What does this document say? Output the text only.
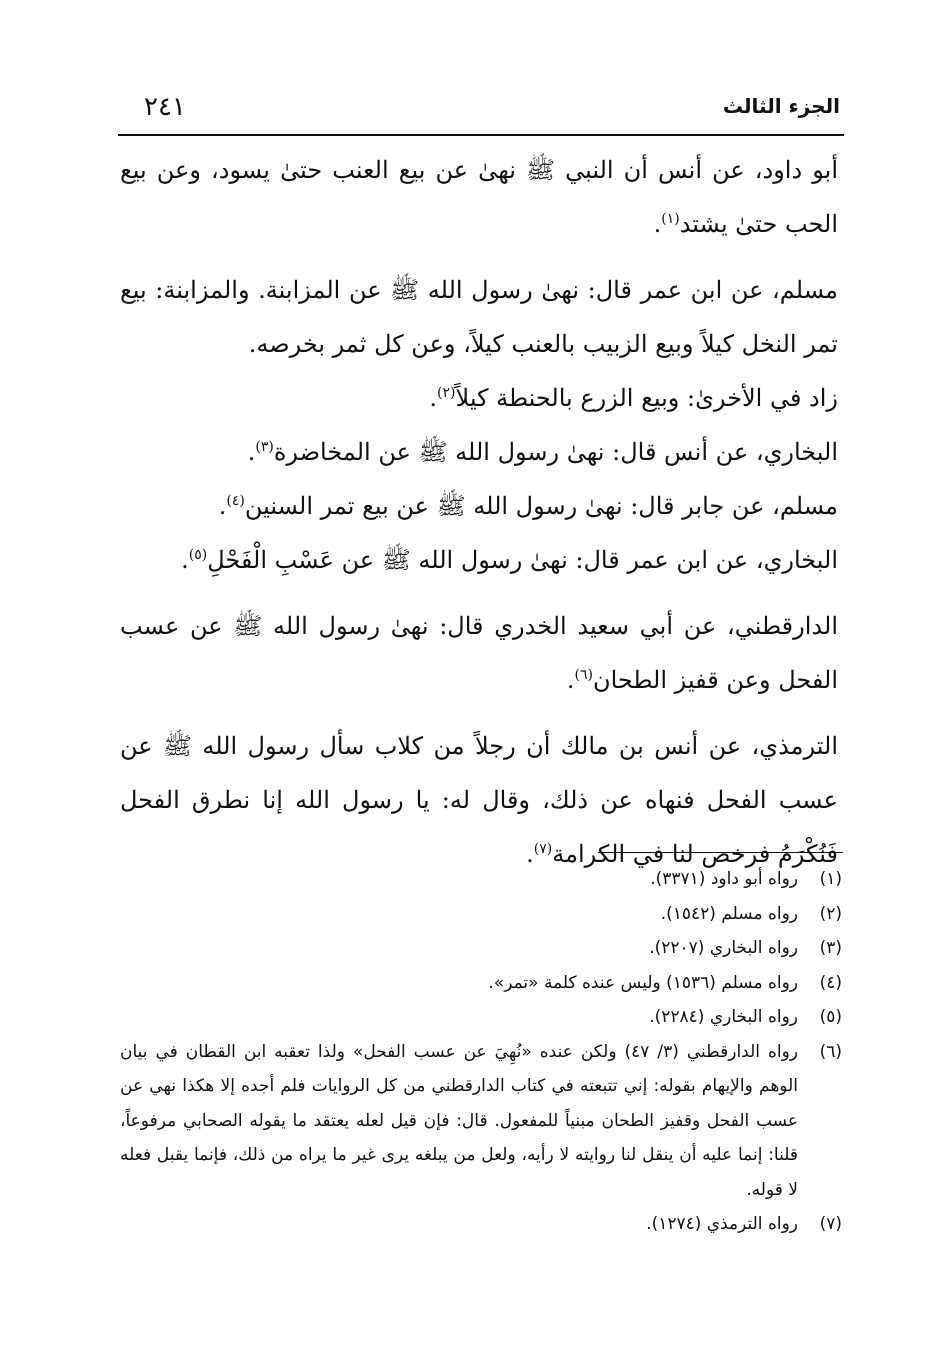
الجزء الثالث
٢٤١

أبو داود، عن أنس أن النبي ﷺ نهىٰ عن بيع العنب حتىٰ يسود، وعن بيع الحب حتىٰ يشتد$^{(١)}$.

مسلم، عن ابن عمر قال: نهىٰ رسول الله ﷺ عن المزابنة. والمزابنة: بيع تمر النخل كيلاً وبيع الزبيب بالعنب كيلاً، وعن كل ثمر بخرصه.

زاد في الأخرىٰ: وبيع الزرع بالحنطة كيلاً$^{(٢)}$.

البخاري، عن أنس قال: نهىٰ رسول الله ﷺ عن المخاضرة$^{(٣)}$.

مسلم، عن جابر قال: نهىٰ رسول الله ﷺ عن بيع تمر السنين$^{(٤)}$.

البخاري، عن ابن عمر قال: نهىٰ رسول الله ﷺ عن عَسْبِ الْفَحْلِ$^{(٥)}$.

الدارقطني، عن أبي سعيد الخدري قال: نهىٰ رسول الله ﷺ عن عسب الفحل وعن قفيز الطحان$^{(٦)}$.

الترمذي، عن أنس بن مالك أن رجلاً من كلاب سأل رسول الله ﷺ عن عسب الفحل فنهاه عن ذلك، وقال له: يا رسول الله إنا نطرق الفحل فَنُكْرَمُ فرخص لنا في الكرامة$^{(٧)}$.

(١)
رواه أبو داود (٣٣٧١).
(٢)
رواه مسلم (١٥٤٢).
(٣)
رواه البخاري (٢٢٠٧).
(٤)
رواه مسلم (١٥٣٦) وليس عنده كلمة «تمر».
(٥)
رواه البخاري (٢٢٨٤).
(٦)
رواه الدارقطني (٣/ ٤٧) ولكن عنده «نُهِيَ عن عسب الفحل» ولذا تعقبه ابن القطان في بيان الوهم والإيهام بقوله: إني تتبعته في كتاب الدارقطني من كل الروايات فلم أجده إلا هكذا نهي عن عسب الفحل وقفيز الطحان مبنياً للمفعول. قال: فإن قيل لعله يعتقد ما يقوله الصحابي مرفوعاً، قلنا: إنما عليه أن ينقل لنا روايته لا رأيه، ولعل من يبلغه يرى غير ما يراه من ذلك، فإنما يقبل فعله لا قوله.
(٧)
رواه الترمذي (١٢٧٤).
